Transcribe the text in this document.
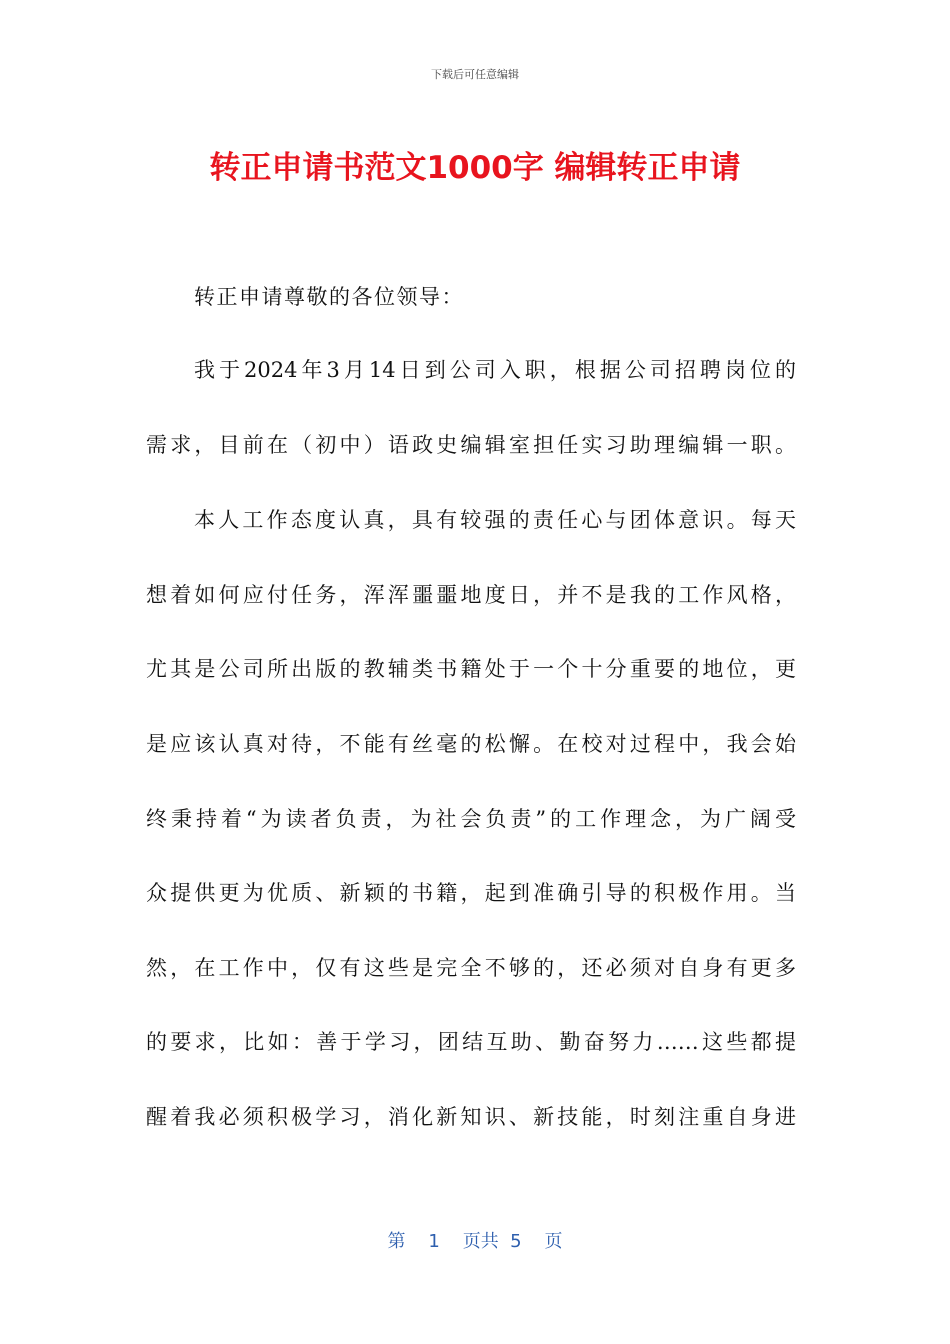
下载后可任意编辑
转正申请书范文1000字 编辑转正申请
转正申请尊敬的各位领导：
我于2024年3月14日到公司入职，根据公司招聘岗位的
需求，目前在（初中）语政史编辑室担任实习助理编辑一职。
本人工作态度认真，具有较强的责任心与团体意识。每天
想着如何应付任务，浑浑噩噩地度日，并不是我的工作风格，
尤其是公司所出版的教辅类书籍处于一个十分重要的地位，更
是应该认真对待，不能有丝毫的松懈。在校对过程中，我会始
终秉持着“为读者负责，为社会负责”的工作理念，为广阔受
众提供更为优质、新颖的书籍，起到准确引导的积极作用。当
然，在工作中，仅有这些是完全不够的，还必须对自身有更多
的要求，比如：善于学习，团结互助、勤奋努力……这些都提
醒着我必须积极学习，消化新知识、新技能，时刻注重自身进
第 1 页共 5 页
